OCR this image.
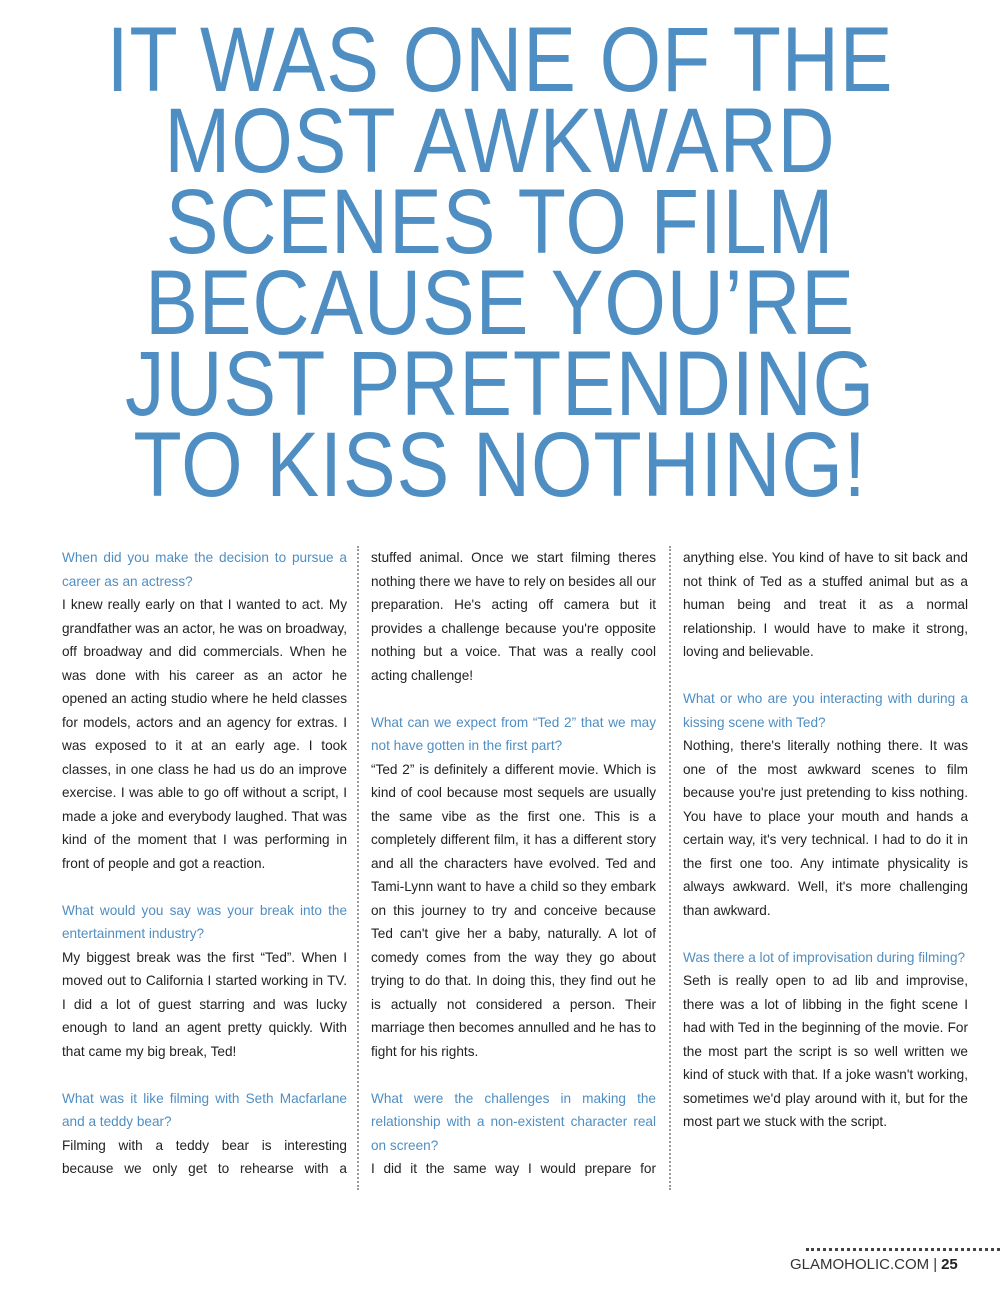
IT WAS ONE OF THE
MOST AWKWARD
SCENES TO FILM
BECAUSE YOU’RE
JUST PRETENDING
TO KISS NOTHING!

When did you make the decision to pursue a career as an actress?

I knew really early on that I wanted to act. My grandfather was an actor, he was on broadway, off broadway and did commercials. When he was done with his career as an actor he opened an acting studio where he held classes for models, actors and an agency for extras. I was exposed to it at an early age. I took classes, in one class he had us do an improve exercise. I was able to go off without a script, I made a joke and everybody laughed. That was kind of the moment that I was performing in front of people and got a reaction.

What would you say was your break into the entertainment industry?

My biggest break was the first “Ted”. When I moved out to California I started working in TV. I did a lot of guest starring and was lucky enough to land an agent pretty quickly. With that came my big break, Ted!

What was it like filming with Seth Macfarlane and a teddy bear?

Filming with a teddy bear is interesting because we only get to rehearse with a

stuffed animal. Once we start filming theres nothing there we have to rely on besides all our preparation. He's acting off camera but it provides a challenge because you're opposite nothing but a voice. That was a really cool acting challenge!

What can we expect from “Ted 2” that we may not have gotten in the first part?

“Ted 2” is definitely a different movie. Which is kind of cool because most sequels are usually the same vibe as the first one. This is a completely different film, it has a different story and all the characters have evolved. Ted and Tami-Lynn want to have a child so they embark on this journey to try and conceive because Ted can't give her a baby, naturally. A lot of comedy comes from the way they go about trying to do that. In doing this, they find out he is actually not considered a person. Their marriage then becomes annulled and he has to fight for his rights.

What were the challenges in making the relationship with a non-existent character real on screen?

I did it the same way I would prepare for

anything else. You kind of have to sit back and not think of Ted as a stuffed animal but as a human being and treat it as a normal relationship. I would have to make it strong, loving and believable.

What or who are you interacting with during a kissing scene with Ted?

Nothing, there's literally nothing there. It was one of the most awkward scenes to film because you're just pretending to kiss nothing. You have to place your mouth and hands a certain way, it's very technical. I had to do it in the first one too. Any intimate physicality is always awkward. Well, it's more challenging than awkward.

Was there a lot of improvisation during filming?

Seth is really open to ad lib and improvise, there was a lot of libbing in the fight scene I had with Ted in the beginning of the movie. For the most part the script is so well written we kind of stuck with that. If a joke wasn't working, sometimes we'd play around with it, but for the most part we stuck with the script.

GLAMOHOLIC.COM | 25
